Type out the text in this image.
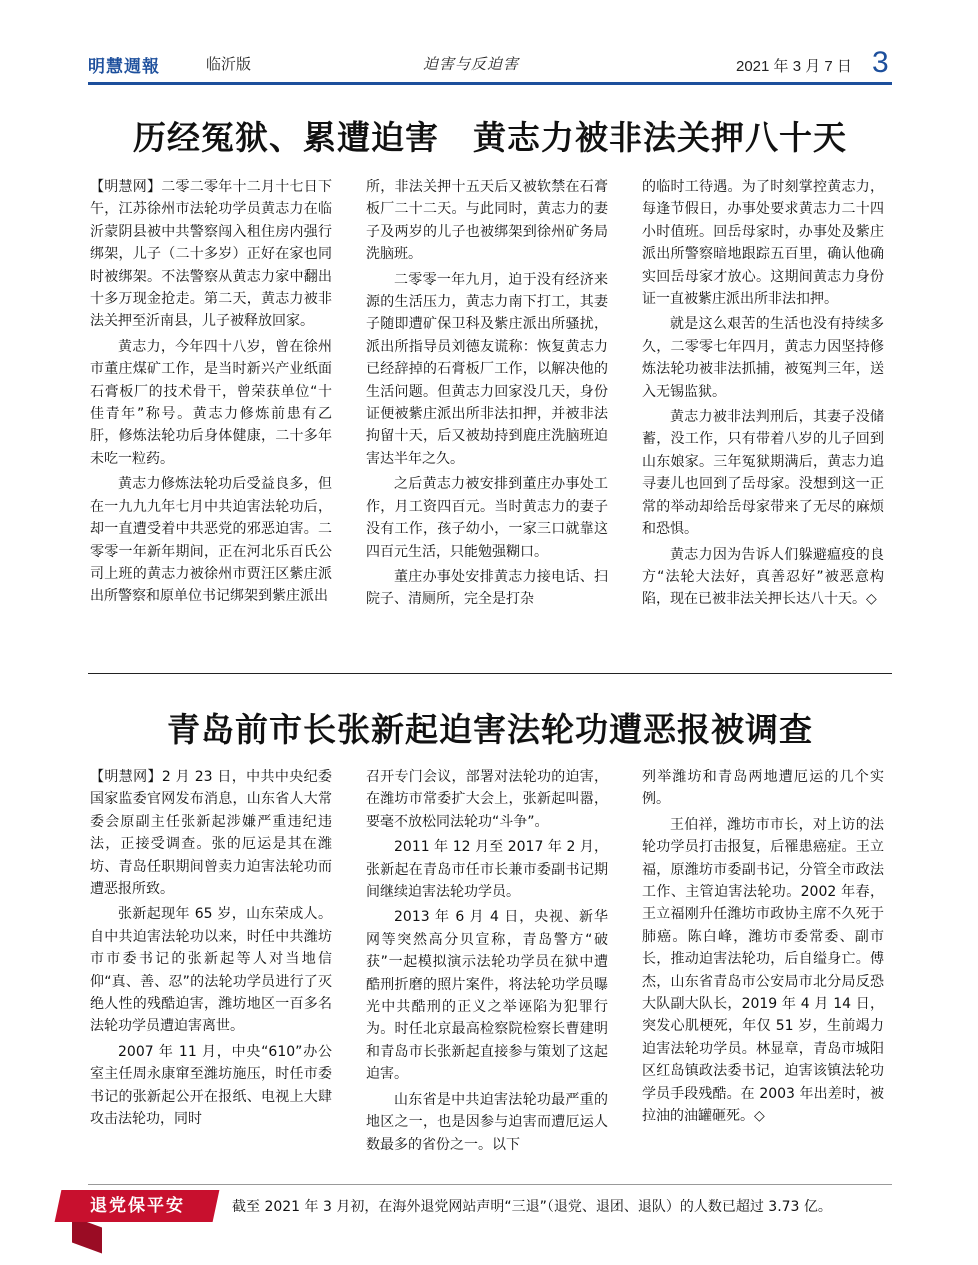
明慧週報	临沂版	迫害与反迫害	2021 年 3 月 7 日 3
历经冤狱、累遭迫害　黄志力被非法关押八十天

【明慧网】二零二零年十二月十七日下午，江苏徐州市法轮功学员黄志力在临沂蒙阴县被中共警察闯入租住房内强行绑架，儿子（二十多岁）正好在家也同时被绑架。不法警察从黄志力家中翻出十多万现金抢走。第二天，黄志力被非法关押至沂南县，儿子被释放回家。

黄志力，今年四十八岁，曾在徐州市董庄煤矿工作，是当时新兴产业纸面石膏板厂的技术骨干，曾荣获单位“十佳青年”称号。黄志力修炼前患有乙肝，修炼法轮功后身体健康，二十多年未吃一粒药。

黄志力修炼法轮功后受益良多，但在一九九九年七月中共迫害法轮功后，却一直遭受着中共恶党的邪恶迫害。二零零一年新年期间，正在河北乐百氏公司上班的黄志力被徐州市贾汪区紫庄派出所警察和原单位书记绑架到紫庄派出

所，非法关押十五天后又被软禁在石膏板厂二十二天。与此同时，黄志力的妻子及两岁的儿子也被绑架到徐州矿务局洗脑班。

二零零一年九月，迫于没有经济来源的生活压力，黄志力南下打工，其妻子随即遭矿保卫科及紫庄派出所骚扰，派出所指导员刘德友谎称：恢复黄志力已经辞掉的石膏板厂工作，以解决他的生活问题。但黄志力回家没几天，身份证便被紫庄派出所非法扣押，并被非法拘留十天，后又被劫持到鹿庄洗脑班迫害达半年之久。

之后黄志力被安排到董庄办事处工作，月工资四百元。当时黄志力的妻子没有工作，孩子幼小，一家三口就靠这四百元生活，只能勉强糊口。

董庄办事处安排黄志力接电话、扫院子、清厕所，完全是打杂

的临时工待遇。为了时刻掌控黄志力，每逢节假日，办事处要求黄志力二十四小时值班。回岳母家时，办事处及紫庄派出所警察暗地跟踪五百里，确认他确实回岳母家才放心。这期间黄志力身份证一直被紫庄派出所非法扣押。

就是这么艰苦的生活也没有持续多久，二零零七年四月，黄志力因坚持修炼法轮功被非法抓捕，被冤判三年，送入无锡监狱。

黄志力被非法判刑后，其妻子没储蓄，没工作，只有带着八岁的儿子回到山东娘家。三年冤狱期满后，黄志力追寻妻儿也回到了岳母家。没想到这一正常的举动却给岳母家带来了无尽的麻烦和恐惧。

黄志力因为告诉人们躲避瘟疫的良方“法轮大法好，真善忍好”被恶意构陷，现在已被非法关押长达八十天。◇

青岛前市长张新起迫害法轮功遭恶报被调查

【明慧网】2 月 23 日，中共中央纪委国家监委官网发布消息，山东省人大常委会原副主任张新起涉嫌严重违纪违法，正接受调查。张的厄运是其在潍坊、青岛任职期间曾卖力迫害法轮功而遭恶报所致。

张新起现年 65 岁，山东荣成人。自中共迫害法轮功以来，时任中共潍坊市市委书记的张新起等人对当地信仰“真、善、忍”的法轮功学员进行了灭绝人性的残酷迫害，潍坊地区一百多名法轮功学员遭迫害离世。

2007 年 11 月，中央“610”办公室主任周永康窜至潍坊施压，时任市委书记的张新起公开在报纸、电视上大肆攻击法轮功，同时

召开专门会议，部署对法轮功的迫害，在潍坊市常委扩大会上，张新起叫嚣，要毫不放松同法轮功“斗争”。

2011 年 12 月至 2017 年 2 月，张新起在青岛市任市长兼市委副书记期间继续迫害法轮功学员。

2013 年 6 月 4 日，央视、新华网等突然高分贝宣称，青岛警方“破获”一起模拟演示法轮功学员在狱中遭酷刑折磨的照片案件，将法轮功学员曝光中共酷刑的正义之举诬陷为犯罪行为。时任北京最高检察院检察长曹建明和青岛市长张新起直接参与策划了这起迫害。

山东省是中共迫害法轮功最严重的地区之一，也是因参与迫害而遭厄运人数最多的省份之一。以下

列举潍坊和青岛两地遭厄运的几个实例。

王伯祥，潍坊市市长，对上访的法轮功学员打击报复，后罹患癌症。王立福，原潍坊市委副书记，分管全市政法工作、主管迫害法轮功。2002 年春，王立福刚升任潍坊市政协主席不久死于肺癌。陈白峰，潍坊市委常委、副市长，推动迫害法轮功，后自缢身亡。傅杰，山东省青岛市公安局市北分局反恐大队副大队长，2019 年 4 月 14 日，突发心肌梗死，年仅 51 岁，生前竭力迫害法轮功学员。林显章，青岛市城阳区红岛镇政法委书记，迫害该镇法轮功学员手段残酷。在 2003 年出差时，被拉油的油罐砸死。◇

退党保平安	截至 2021 年 3 月初，在海外退党网站声明“三退”（退党、退团、退队）的人数已超过 3.73 亿。
